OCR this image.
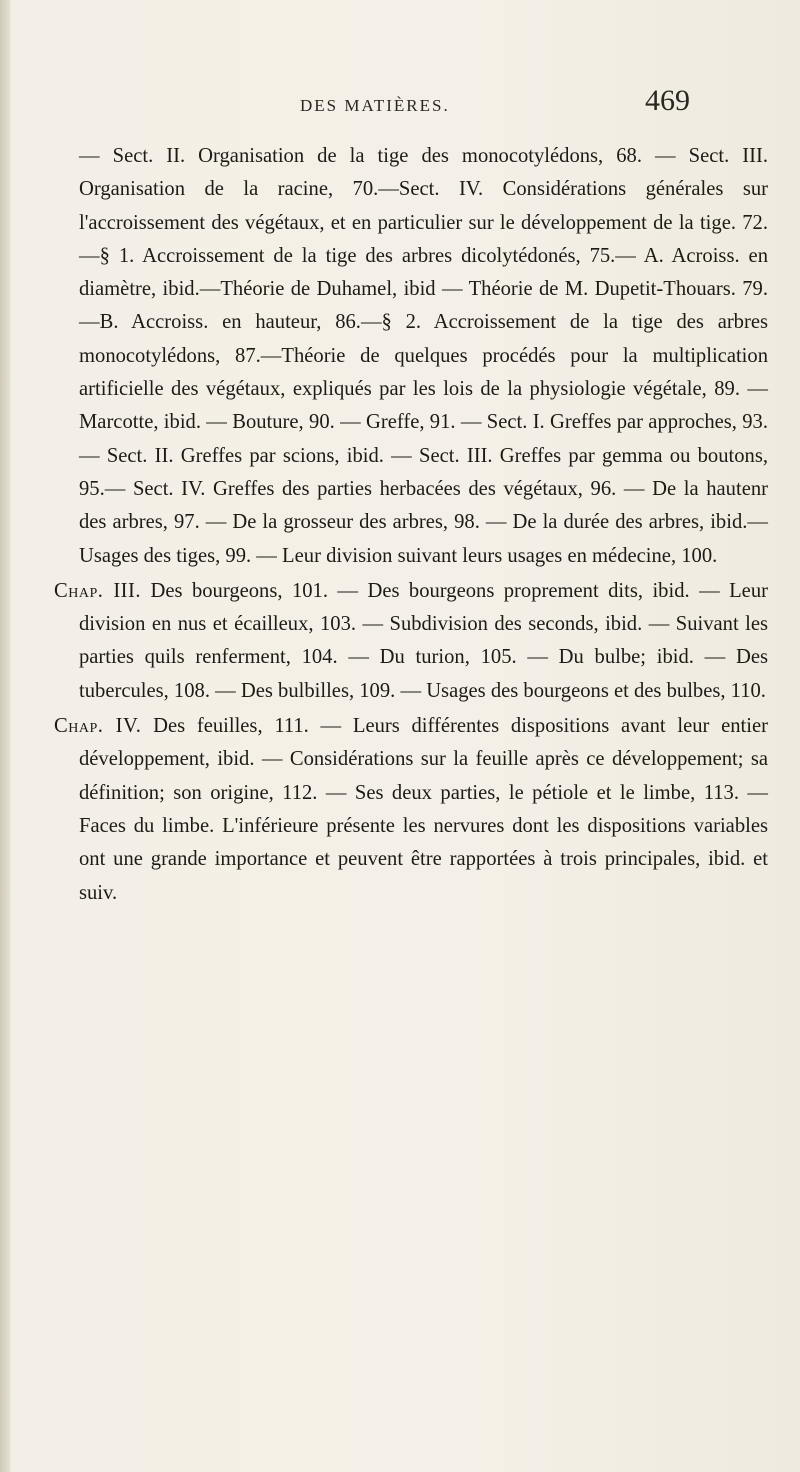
DES MATIÈRES.	469

— Sect. II. Organisation de la tige des monocotylédons, 68. — Sect. III. Organisation de la racine, 70.—Sect. IV. Considérations générales sur l'accroissement des végétaux, et en particulier sur le développement de la tige. 72.—§ 1. Accroissement de la tige des arbres dicolytédonés, 75.— A. Acroiss. en diamètre, ibid.—Théorie de Duhamel, ibid — Théorie de M. Dupetit-Thouars. 79.—B. Accroiss. en hauteur, 86.—§ 2. Accroissement de la tige des arbres monocotylédons, 87.—Théorie de quelques procédés pour la multiplication artificielle des végétaux, expliqués par les lois de la physiologie végétale, 89. — Marcotte, ibid. — Bouture, 90. — Greffe, 91. — Sect. I. Greffes par approches, 93. — Sect. II. Greffes par scions, ibid. — Sect. III. Greffes par gemma ou boutons, 95.— Sect. IV. Greffes des parties herbacées des végétaux, 96. — De la hautenr des arbres, 97. — De la grosseur des arbres, 98. — De la durée des arbres, ibid.—Usages des tiges, 99. — Leur division suivant leurs usages en médecine, 100.

Chap. III. Des bourgeons, 101. — Des bourgeons proprement dits, ibid. — Leur division en nus et écailleux, 103. — Subdivision des seconds, ibid. — Suivant les parties quils renferment, 104. — Du turion, 105. — Du bulbe; ibid. — Des tubercules, 108. — Des bulbilles, 109. — Usages des bourgeons et des bulbes, 110.

Chap. IV. Des feuilles, 111. — Leurs différentes dispositions avant leur entier développement, ibid. — Considérations sur la feuille après ce développement; sa définition; son origine, 112. — Ses deux parties, le pétiole et le limbe, 113. — Faces du limbe. L'inférieure présente les nervures dont les dispositions variables ont une grande importance et peuvent être rapportées à trois principales, ibid. et suiv.
